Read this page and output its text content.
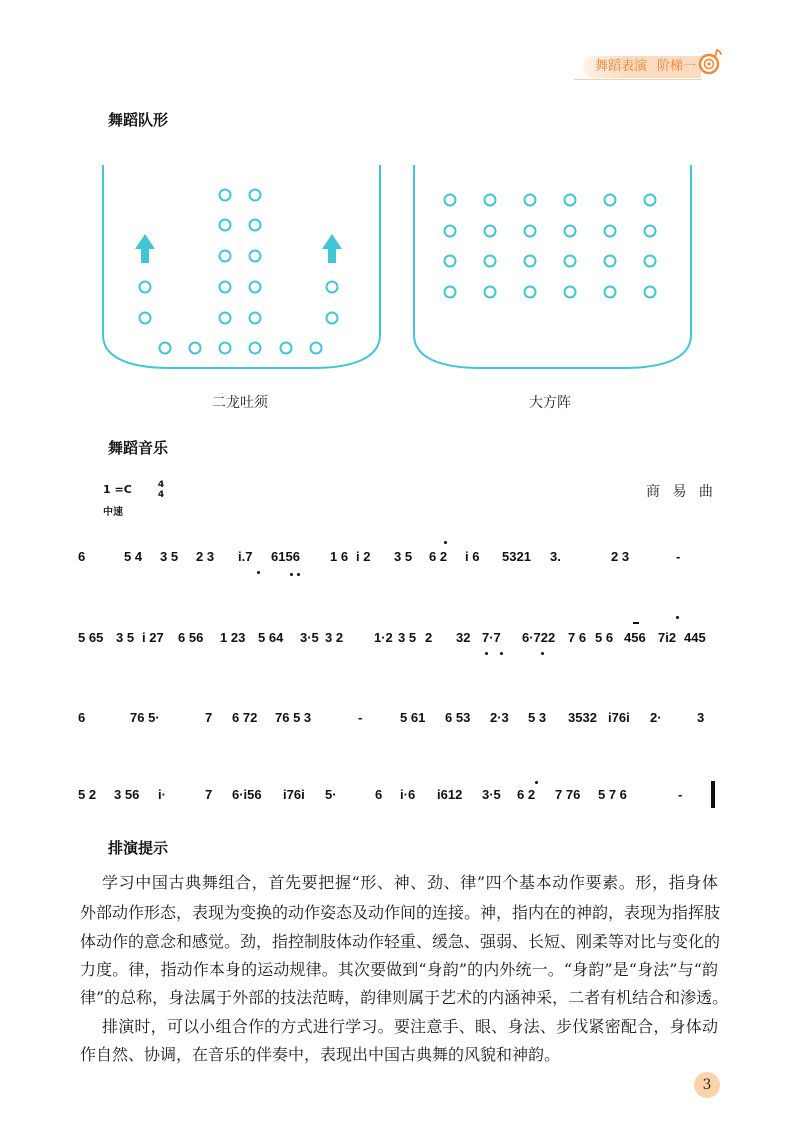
舞蹈表演 阶梯一
舞蹈队形
二龙吐须	大方阵
舞蹈音乐
1 =C	4
4
中速
商 易 曲
6	5 4 3 5 2 3 i.7 6156 1 6 i 2 3 5 6 2 i 6 5321 3.	2 3	-
5 65 3 5 i 27 6 56 1 23 5 64 3·5 3 2 1·2 3 5 2 32 7·7 6·722 7 6 5 6 456 7i2 445
6	76 5·	7 6 72 76 5 3	-	5 61 6 53 2·3 5 3 3532 i76i 2·	3
5 2 3 56 i·	7 6·i56 i76i 5·	6 i·6 i612 3·5 6 2 7 76 5 7 6	-
排演提示
学习中国古典舞组合，首先要把握“形、神、劲、律”四个基本动作要素。形，指身体
外部动作形态，表现为变换的动作姿态及动作间的连接。神，指内在的神韵，表现为指挥肢
体动作的意念和感觉。劲，指控制肢体动作轻重、缓急、强弱、长短、刚柔等对比与变化的
力度。律，指动作本身的运动规律。其次要做到“身韵”的内外统一。“身韵”是“身法”与“韵
律”的总称，身法属于外部的技法范畴，韵律则属于艺术的内涵神采，二者有机结合和渗透。
排演时，可以小组合作的方式进行学习。要注意手、眼、身法、步伐紧密配合，身体动
作自然、协调，在音乐的伴奏中，表现出中国古典舞的风貌和神韵。
3
